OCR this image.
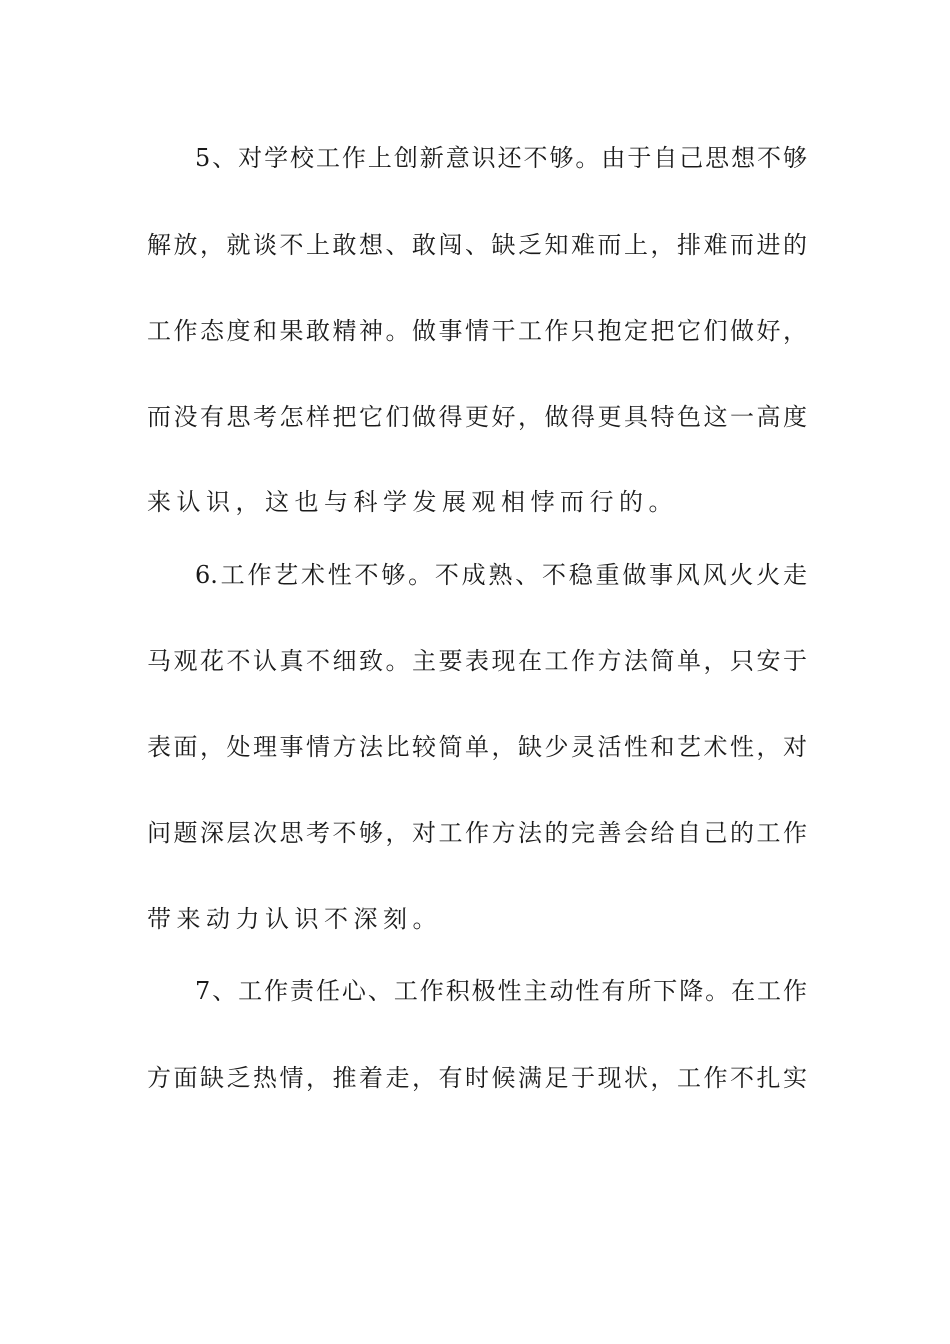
5、对学校工作上创新意识还不够。由于自己思想不够
解放，就谈不上敢想、敢闯、缺乏知难而上，排难而进的
工作态度和果敢精神。做事情干工作只抱定把它们做好，
而没有思考怎样把它们做得更好，做得更具特色这一高度
来认识，这也与科学发展观相悖而行的。
6.工作艺术性不够。不成熟、不稳重做事风风火火走
马观花不认真不细致。主要表现在工作方法简单，只安于
表面，处理事情方法比较简单，缺少灵活性和艺术性，对
问题深层次思考不够，对工作方法的完善会给自己的工作
带来动力认识不深刻。
7、工作责任心、工作积极性主动性有所下降。在工作
方面缺乏热情，推着走，有时候满足于现状，工作不扎实
